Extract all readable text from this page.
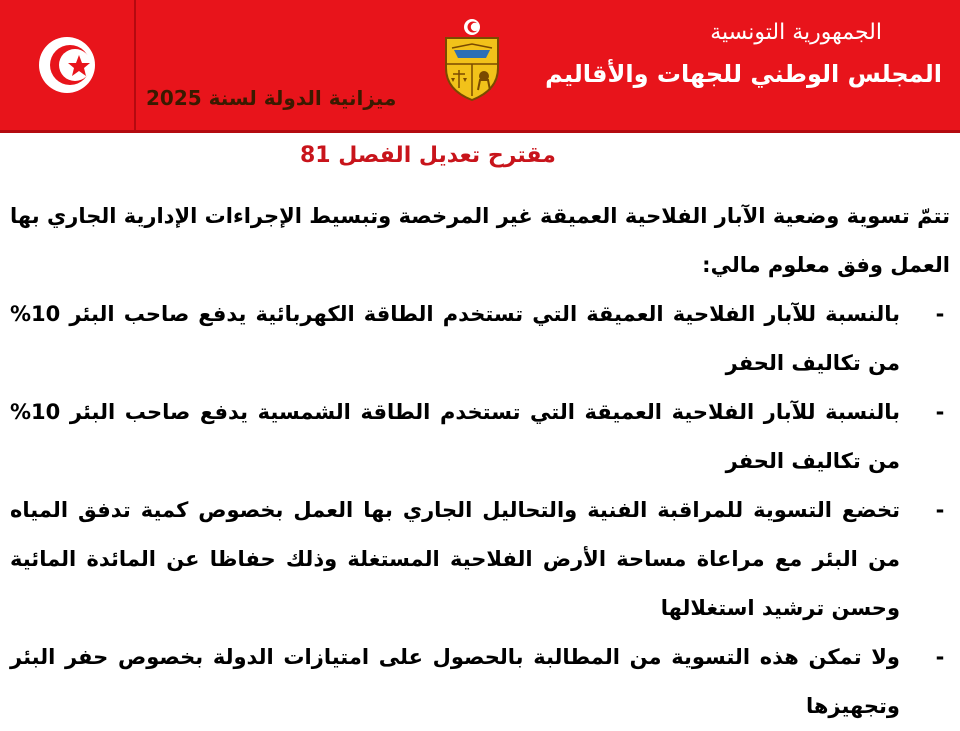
الجمهورية التونسية
المجلس الوطني للجهات والأقاليم
ميزانية الدولة لسنة 2025
مقترح تعديل الفصل 81

تتمّ تسوية وضعية الآبار الفلاحية العميقة غير المرخصة وتبسيط الإجراءات الإدارية الجاري بها العمل وفق معلوم مالي:

-
بالنسبة للآبار الفلاحية العميقة التي تستخدم الطاقة الكهربائية يدفع صاحب البئر 10% من تكاليف الحفر
-
بالنسبة للآبار الفلاحية العميقة التي تستخدم الطاقة الشمسية يدفع صاحب البئر 10% من تكاليف الحفر
-
تخضع التسوية للمراقبة الفنية والتحاليل الجاري بها العمل بخصوص كمية تدفق المياه من البئر مع مراعاة مساحة الأرض الفلاحية المستغلة وذلك حفاظا عن المائدة المائية وحسن ترشيد استغلالها
-
ولا تمكن هذه التسوية من المطالبة بالحصول على امتيازات الدولة بخصوص حفر البئر وتجهيزها
